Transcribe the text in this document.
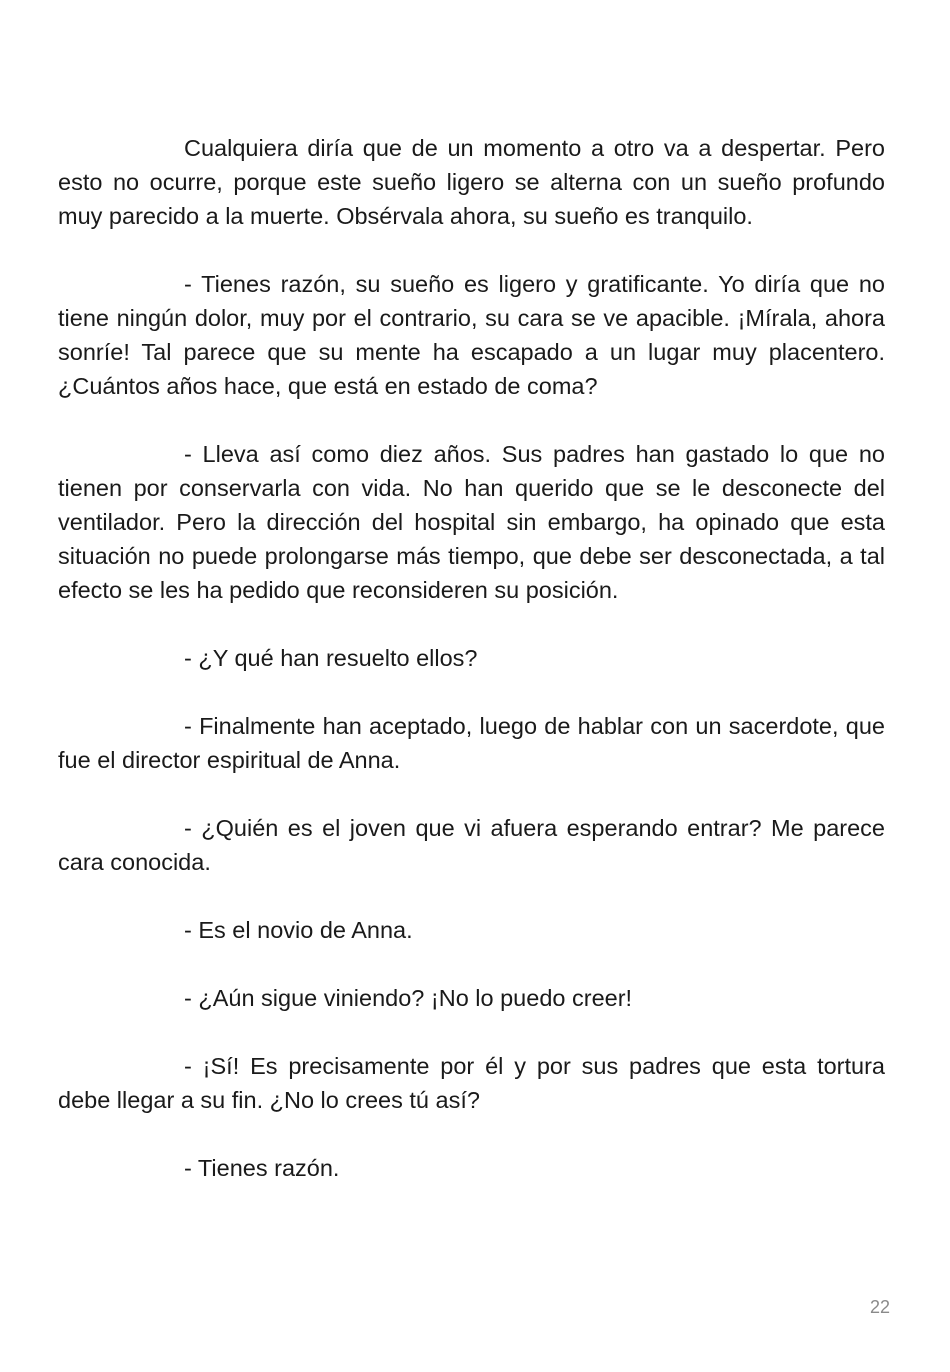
Cualquiera diría que de un momento a otro va a despertar. Pero esto no ocurre, porque este sueño ligero se alterna con un sueño profundo muy parecido a la muerte. Obsérvala ahora, su sueño es tranquilo.

- Tienes razón, su sueño es ligero y gratificante. Yo diría que no tiene ningún dolor, muy por el contrario, su cara se ve apacible. ¡Mírala, ahora sonríe! Tal parece que su mente ha escapado a un lugar muy placentero. ¿Cuántos años hace, que está en estado de coma?

- Lleva así como diez años. Sus padres han gastado lo que no tienen por conservarla con vida. No han querido que se le desconecte del ventilador. Pero la dirección del hospital sin embargo, ha opinado que esta situación no puede prolongarse más tiempo, que debe ser desconectada, a tal efecto se les ha pedido que reconsideren su posición.

- ¿Y qué han resuelto ellos?

- Finalmente han aceptado, luego de hablar con un sacerdote, que fue el director espiritual de Anna.

- ¿Quién es el joven que vi afuera esperando entrar? Me parece cara conocida.

- Es el novio de Anna.

- ¿Aún sigue viniendo? ¡No lo puedo creer!

- ¡Sí! Es precisamente por él y por sus padres que esta tortura debe llegar a su fin. ¿No lo crees tú así?

- Tienes razón.

22
